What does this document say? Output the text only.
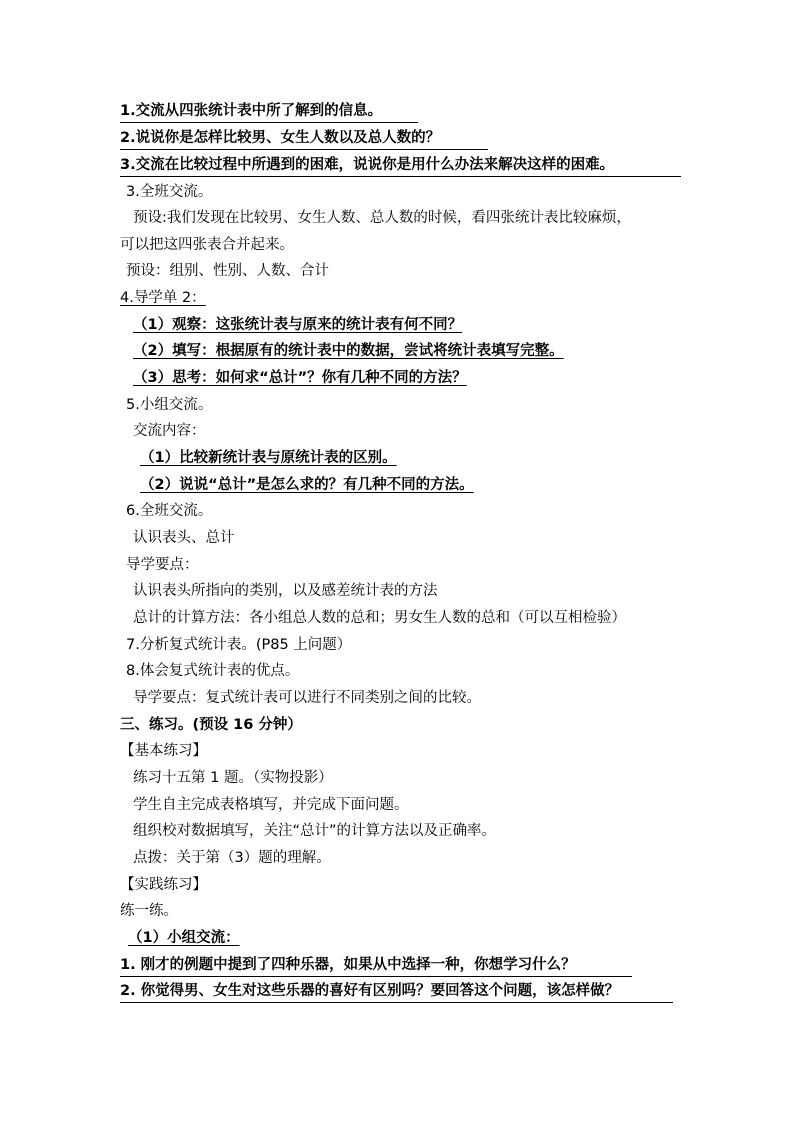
1.交流从四张统计表中所了解到的信息。
2.说说你是怎样比较男、女生人数以及总人数的？
3.交流在比较过程中所遇到的困难，说说你是用什么办法来解决这样的困难。
3.全班交流。
预设:我们发现在比较男、女生人数、总人数的时候，看四张统计表比较麻烦，
可以把这四张表合并起来。
预设：组别、性别、人数、合计
4.导学单 2：
（1）观察：这张统计表与原来的统计表有何不同？
（2）填写：根据原有的统计表中的数据，尝试将统计表填写完整。
（3）思考：如何求“总计”？你有几种不同的方法？
5.小组交流。
交流内容：
（1）比较新统计表与原统计表的区别。
（2）说说“总计”是怎么求的？有几种不同的方法。
6.全班交流。
认识表头、总计
导学要点：
认识表头所指向的类别，以及感差统计表的方法
总计的计算方法：各小组总人数的总和；男女生人数的总和（可以互相检验）
7.分析复式统计表。(P85 上问题）
8.体会复式统计表的优点。
导学要点：复式统计表可以进行不同类别之间的比较。
三、练习。(预设 16 分钟）
【基本练习】
练习十五第 1 题。（实物投影）
学生自主完成表格填写，并完成下面问题。
组织校对数据填写，关注“总计”的计算方法以及正确率。
点拨：关于第（3）题的理解。
【实践练习】
练一练。
（1）小组交流：
1. 刚才的例题中提到了四种乐器，如果从中选择一种，你想学习什么？
2. 你觉得男、女生对这些乐器的喜好有区别吗？要回答这个问题，该怎样做？
